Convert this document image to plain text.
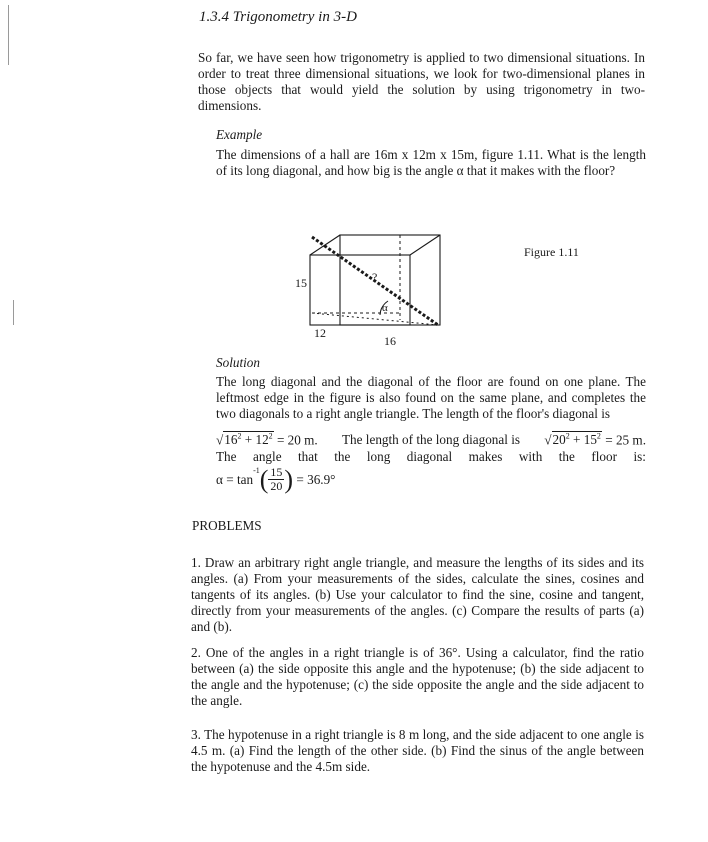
1.3.4 Trigonometry in 3-D
So far, we have seen how trigonometry is applied to two dimensional situations. In order to treat three dimensional situations, we look for two-dimensional planes in those objects that would yield the solution by using trigonometry in two-dimensions.
Example
The dimensions of a hall are 16m x 12m x 15m, figure 1.11. What is the length of its long diagonal, and how big is the angle α that it makes with the floor?
α
?
15
12
16
Figure 1.11
Solution
The long diagonal and the diagonal of the floor are found on one plane. The leftmost edge in the figure is also found on the same plane, and completes the two diagonals to a right angle triangle. The length of the floor's diagonal is
$√16^2 + 12^2 = 20$ m. The length of the long diagonal is $√20^2 + 15^2 = 25$ m.
The angle that the long diagonal makes with the floor is:
$\alpha = \tan^{-1}( \frac{15}{20}$ ) = 36.9°
PROBLEMS
1. Draw an arbitrary right angle triangle, and measure the lengths of its sides and its angles. (a) From your measurements of the sides, calculate the sines, cosines and tangents of its angles. (b) Use your calculator to find the sine, cosine and tangent, directly from your measurements of the angles. (c) Compare the results of parts (a) and (b).
2. One of the angles in a right triangle is of 36°. Using a calculator, find the ratio between (a) the side opposite this angle and the hypotenuse; (b) the side adjacent to the angle and the hypotenuse; (c) the side opposite the angle and the side adjacent to the angle.
3. The hypotenuse in a right triangle is 8 m long, and the side adjacent to one angle is 4.5 m. (a) Find the length of the other side. (b) Find the sinus of the angle between the hypotenuse and the 4.5m side.
